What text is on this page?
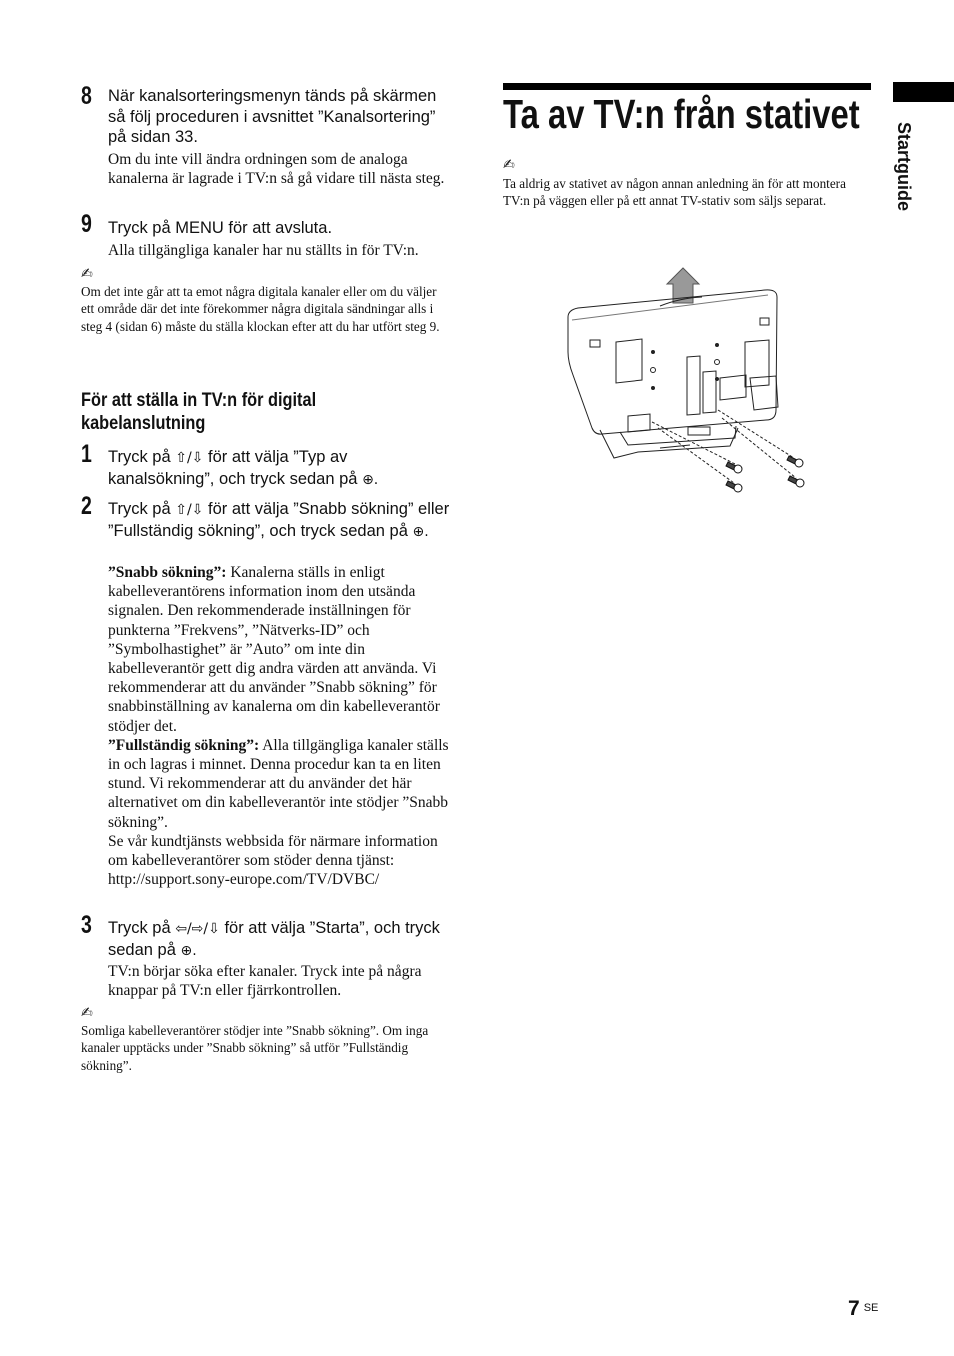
8 När kanalsorteringsmenyn tänds på skärmen så följ proceduren i avsnittet ”Kanalsortering” på sidan 33.
Om du inte vill ändra ordningen som de analoga kanalerna är lagrade i TV:n så gå vidare till nästa steg.
9 Tryck på MENU för att avsluta.
Alla tillgängliga kanaler har nu ställts in för TV:n.
✍
Om det inte går att ta emot några digitala kanaler eller om du väljer ett område där det inte förekommer några digitala sändningar alls i steg 4 (sidan 6) måste du ställa klockan efter att du har utfört steg 9.
För att ställa in TV:n för digital kabelanslutning
1 Tryck på ⇧/⇩ för att välja ”Typ av kanalsökning”, och tryck sedan på ⊕.
2 Tryck på ⇧/⇩ för att välja ”Snabb sökning” eller ”Fullständig sökning”, och tryck sedan på ⊕.

”Snabb sökning”: Kanalerna ställs in enligt kabelleverantörens information inom den utsända signalen. Den rekommenderade inställningen för punkterna ”Frekvens”, ”Nätverks-ID” och ”Symbolhastighet” är ”Auto” om inte din kabelleverantör gett dig andra värden att använda. Vi rekommenderar att du använder ”Snabb sökning” för snabbinställning av kanalerna om din kabelleverantör stödjer det.

”Fullständig sökning”: Alla tillgängliga kanaler ställs in och lagras i minnet. Denna procedur kan ta en liten stund. Vi rekommenderar att du använder det här alternativet om din kabelleverantör inte stödjer ”Snabb sökning”.

Se vår kundtjänsts webbsida för närmare information om kabelleverantörer som stöder denna tjänst:

http://support.sony-europe.com/TV/DVBC/

3 Tryck på ⇦/⇨/⇩ för att välja ”Starta”, och tryck sedan på ⊕.
TV:n börjar söka efter kanaler. Tryck inte på några knappar på TV:n eller fjärrkontrollen.
✍
Somliga kabelleverantörer stödjer inte ”Snabb sökning”. Om inga kanaler upptäcks under ”Snabb sökning” så utför ”Fullständig sökning”.
Ta av TV:n från stativet
✍
Ta aldrig av stativet av någon annan anledning än för att montera TV:n på väggen eller på ett annat TV-stativ som säljs separat.	Startguide
7 $^{SE}$
